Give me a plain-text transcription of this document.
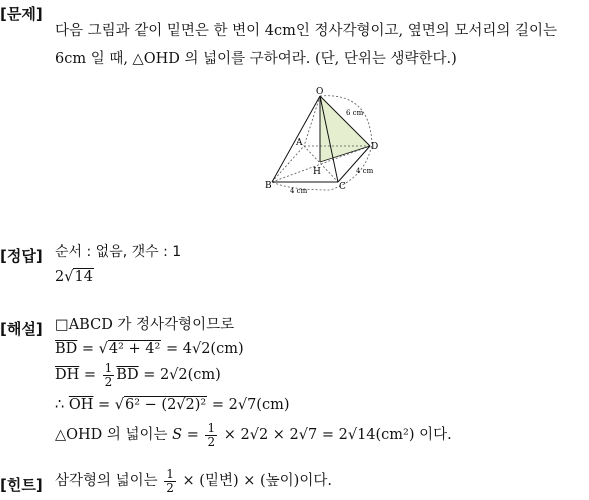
[문제]
다음 그림과 같이 밑면은 한 변이 4cm인 정사각형이고, 옆면의 모서리의 길이는
6cm 일 때, △OHD 의 넓이를 구하여라. (단, 단위는 생략한다.)
O
A
B	C
D
H
6 cm
4 cm
4 cm
[정답] 순서 : 없음, 갯수 : 1
2√14
[해설] □ABCD 가 정사각형이므로
$\overline{BD} = √4^2 + 4^2 = 4√2(cm)$
$\overline{DH} = \frac{1}{2} \overline{BD} = 2√2(cm)$
∴ $\overline{OH} = √6^2 - (2√2)^2 = 2√7(cm)$
△OHD 의 넓이는 $S = \frac{1}{2} \times 2√2 \times 2√7 = 2√14(cm^2)$ 이다.
[힌트] 삼각형의 넓이는 $\frac{1}{2}$ × (밑변) × (높이)이다.
